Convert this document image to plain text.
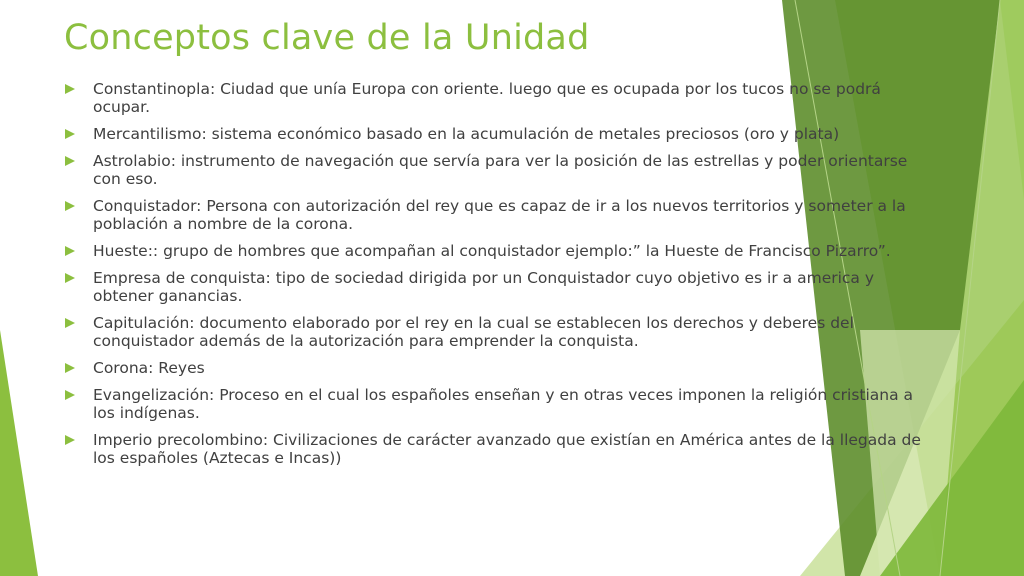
Conceptos clave de la Unidad
Constantinopla: Ciudad que unía Europa con oriente. luego que es ocupada por los tucos no se podrá ocupar.
Mercantilismo: sistema económico basado en la acumulación de metales preciosos (oro y plata)
Astrolabio: instrumento de navegación que servía para ver la posición de las estrellas y poder orientarse con eso.
Conquistador: Persona con autorización del rey que es capaz de ir a los nuevos territorios y someter a la población a nombre de la corona.
Hueste:: grupo de hombres que acompañan al conquistador ejemplo:” la Hueste de Francisco Pizarro”.
Empresa de conquista: tipo de sociedad dirigida por un Conquistador cuyo objetivo es ir a america y obtener ganancias.
Capitulación: documento elaborado por el rey en la cual se establecen los derechos y deberes del conquistador además de la autorización para emprender la conquista.
Corona: Reyes
Evangelización: Proceso en el cual los españoles enseñan y en otras veces imponen la religión cristiana a los indígenas.
Imperio precolombino: Civilizaciones de carácter avanzado que existían en América antes de la llegada de los españoles (Aztecas e Incas))
